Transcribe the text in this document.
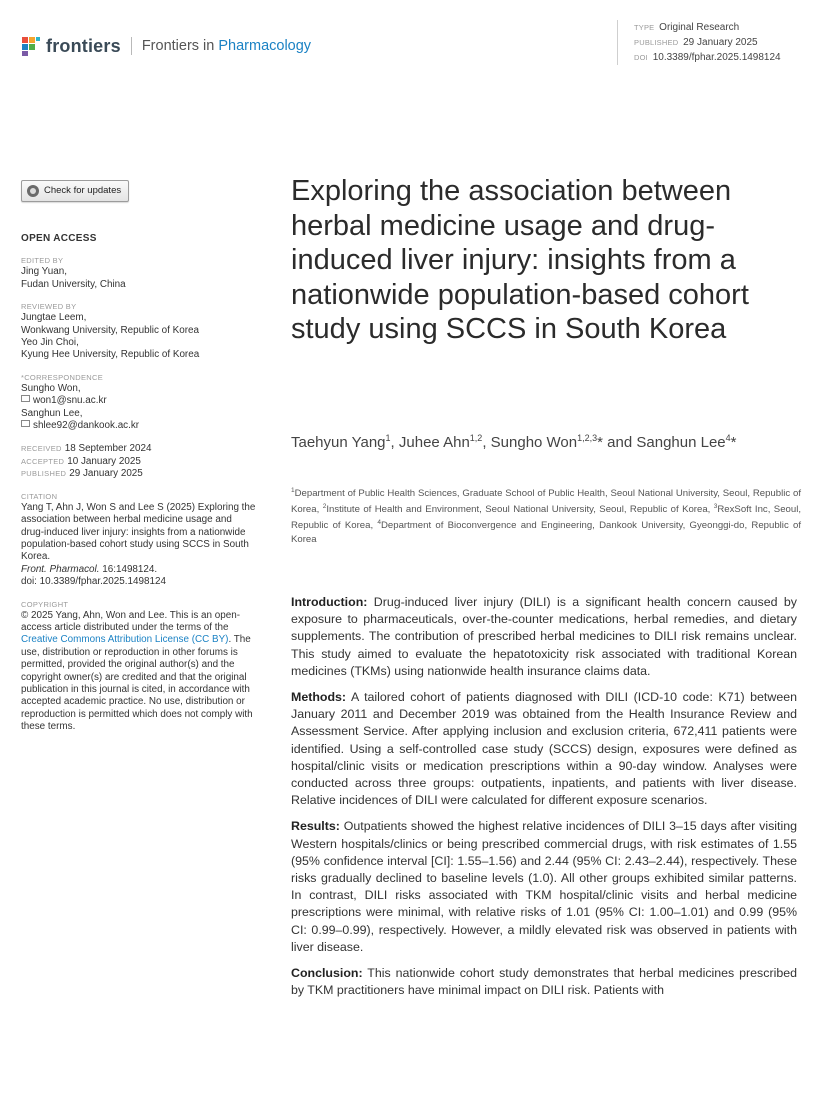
frontiers Frontiers in Pharmacology
TYPE Original Research
PUBLISHED 29 January 2025
DOI 10.3389/fphar.2025.1498124
Check for updates
OPEN ACCESS
EDITED BY
Jing Yuan,
Fudan University, China
REVIEWED BY
Jungtae Leem,
Wonkwang University, Republic of Korea
Yeo Jin Choi,
Kyung Hee University, Republic of Korea
*CORRESPONDENCE
Sungho Won,
won1@snu.ac.kr
Sanghun Lee,
shlee92@dankook.ac.kr
RECEIVED 18 September 2024
ACCEPTED 10 January 2025
PUBLISHED 29 January 2025
CITATION
Yang T, Ahn J, Won S and Lee S (2025) Exploring the association between herbal medicine usage and drug-induced liver injury: insights from a nationwide population-based cohort study using SCCS in South Korea.
Front. Pharmacol. 16:1498124.
doi: 10.3389/fphar.2025.1498124
COPYRIGHT
© 2025 Yang, Ahn, Won and Lee. This is an open-access article distributed under the terms of the Creative Commons Attribution License (CC BY). The use, distribution or reproduction in other forums is permitted, provided the original author(s) and the copyright owner(s) are credited and that the original publication in this journal is cited, in accordance with accepted academic practice. No use, distribution or reproduction is permitted which does not comply with these terms.
Exploring the association between herbal medicine usage and drug-induced liver injury: insights from a nationwide population-based cohort study using SCCS in South Korea
Taehyun Yang$^1$, Juhee Ahn$^{1,2}$, Sungho Won$^{1,2,3}$* and Sanghun Lee$^4$*
$^1$Department of Public Health Sciences, Graduate School of Public Health, Seoul National University, Seoul, Republic of Korea, $^2$Institute of Health and Environment, Seoul National University, Seoul, Republic of Korea, $^3$RexSoft Inc, Seoul, Republic of Korea, $^4$Department of Bioconvergence and Engineering, Dankook University, Gyeonggi-do, Republic of Korea

Introduction: Drug-induced liver injury (DILI) is a significant health concern caused by exposure to pharmaceuticals, over-the-counter medications, herbal remedies, and dietary supplements. The contribution of prescribed herbal medicines to DILI risk remains unclear. This study aimed to evaluate the hepatotoxicity risk associated with traditional Korean medicines (TKMs) using nationwide health insurance claims data.

Methods: A tailored cohort of patients diagnosed with DILI (ICD-10 code: K71) between January 2011 and December 2019 was obtained from the Health Insurance Review and Assessment Service. After applying inclusion and exclusion criteria, 672,411 patients were identified. Using a self-controlled case study (SCCS) design, exposures were defined as hospital/clinic visits or medication prescriptions within a 90-day window. Analyses were conducted across three groups: outpatients, inpatients, and patients with liver disease. Relative incidences of DILI were calculated for different exposure scenarios.

Results: Outpatients showed the highest relative incidences of DILI 3–15 days after visiting Western hospitals/clinics or being prescribed commercial drugs, with risk estimates of 1.55 (95% confidence interval [CI]: 1.55–1.56) and 2.44 (95% CI: 2.43–2.44), respectively. These risks gradually declined to baseline levels (1.0). All other groups exhibited similar patterns. In contrast, DILI risks associated with TKM hospital/clinic visits and herbal medicine prescriptions were minimal, with relative risks of 1.01 (95% CI: 1.00–1.01) and 0.99 (95% CI: 0.99–0.99), respectively. However, a mildly elevated risk was observed in patients with liver disease.

Conclusion: This nationwide cohort study demonstrates that herbal medicines prescribed by TKM practitioners have minimal impact on DILI risk. Patients with
